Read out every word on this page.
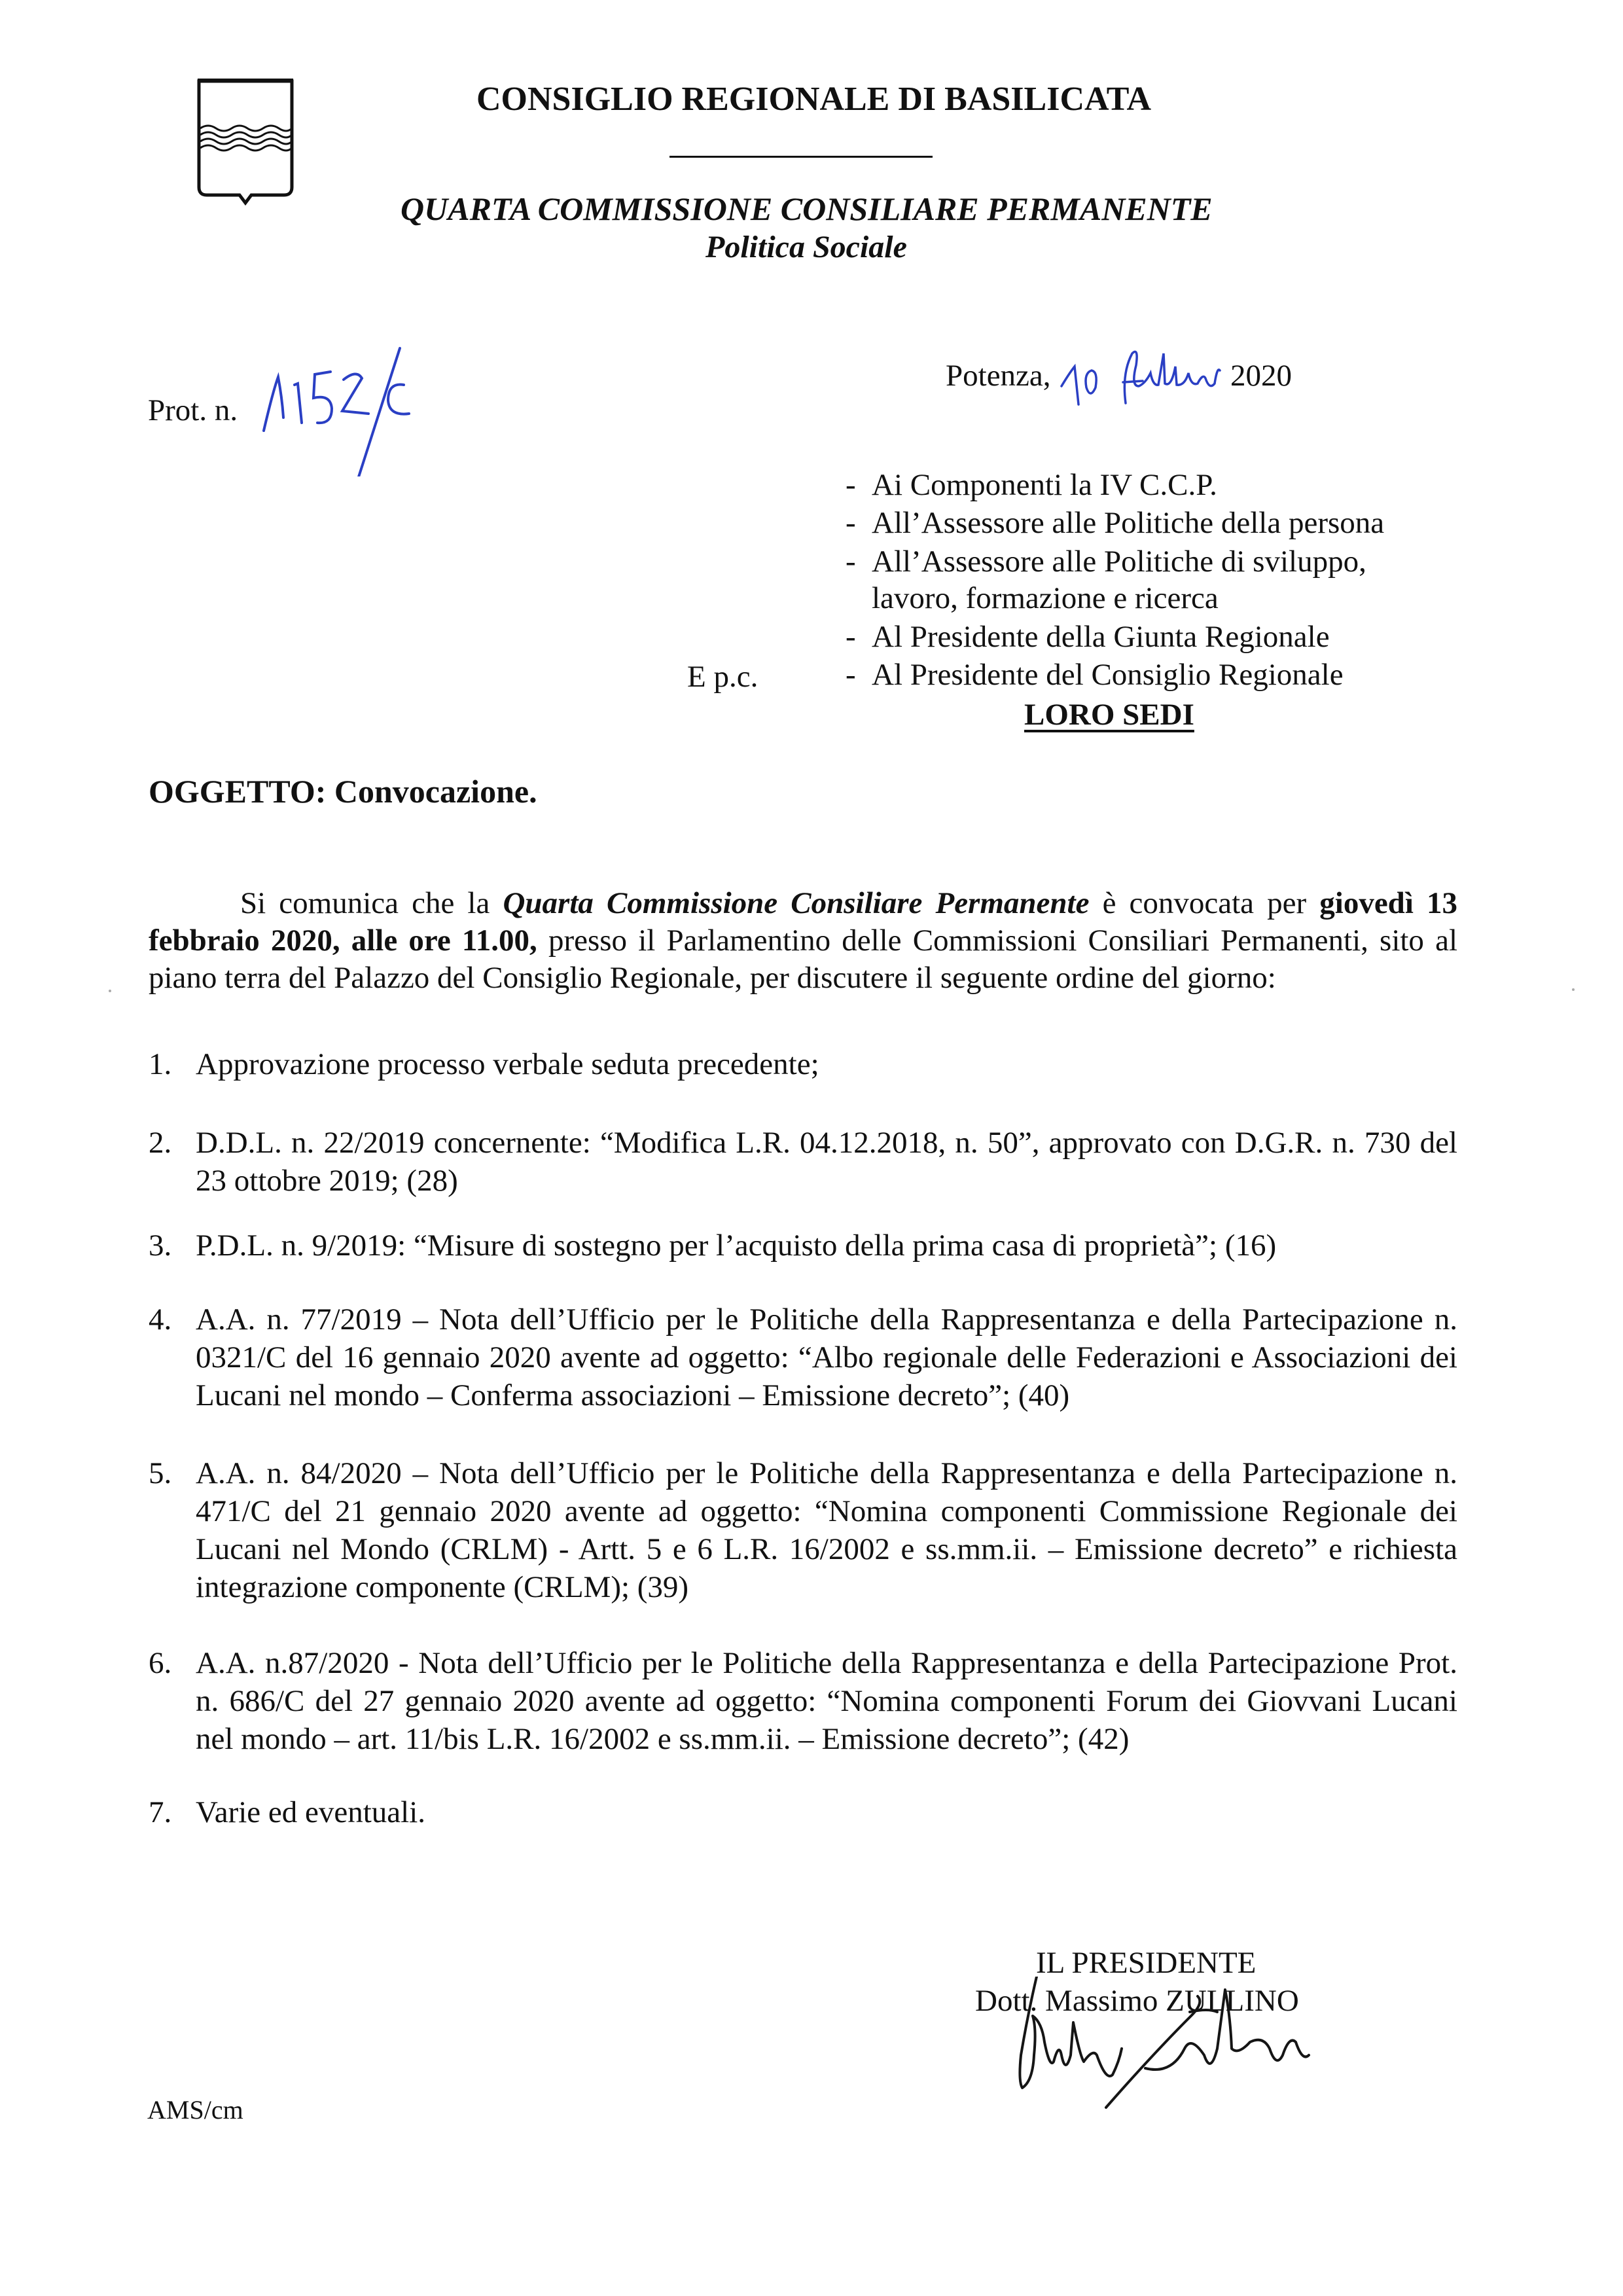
CONSIGLIO REGIONALE DI BASILICATA
QUARTA COMMISSIONE CONSILIARE PERMANENTE
Politica Sociale
Prot. n.
Potenza,	2020
- Ai Componenti la IV C.C.P.
- All’Assessore alle Politiche della persona
- All’Assessore alle Politiche di sviluppo,
lavoro, formazione e ricerca
- Al Presidente della Giunta Regionale
- Al Presidente del Consiglio Regionale
E p.c.
LORO SEDI
OGGETTO: Convocazione.
Si comunica che la Quarta Commissione Consiliare Permanente è convocata per giovedì 13 febbraio 2020, alle ore 11.00, presso il Parlamentino delle Commissioni Consiliari Permanenti, sito al piano terra del Palazzo del Consiglio Regionale, per discutere il seguente ordine del giorno:
1. Approvazione processo verbale seduta precedente;
2. D.D.L. n. 22/2019 concernente: “Modifica L.R. 04.12.2018, n. 50”, approvato con D.G.R. n. 730 del 23 ottobre 2019; (28)
3. P.D.L. n. 9/2019: “Misure di sostegno per l’acquisto della prima casa di proprietà”; (16)
4. A.A. n. 77/2019 – Nota dell’Ufficio per le Politiche della Rappresentanza e della Partecipazione n. 0321/C del 16 gennaio 2020 avente ad oggetto: “Albo regionale delle Federazioni e Associazioni dei Lucani nel mondo – Conferma associazioni – Emissione decreto”; (40)
5. A.A. n. 84/2020 – Nota dell’Ufficio per le Politiche della Rappresentanza e della Partecipazione n. 471/C del 21 gennaio 2020 avente ad oggetto: “Nomina componenti Commissione Regionale dei Lucani nel Mondo (CRLM) - Artt. 5 e 6 L.R. 16/2002 e ss.mm.ii. – Emissione decreto” e richiesta integrazione componente (CRLM); (39)
6. A.A. n.87/2020 - Nota dell’Ufficio per le Politiche della Rappresentanza e della Partecipazione Prot. n. 686/C del 27 gennaio 2020 avente ad oggetto: “Nomina componenti Forum dei Giovvani Lucani nel mondo – art. 11/bis L.R. 16/2002 e ss.mm.ii. – Emissione decreto”; (42)
7. Varie ed eventuali.
IL PRESIDENTE
Dott. Massimo ZULLINO
AMS/cm
